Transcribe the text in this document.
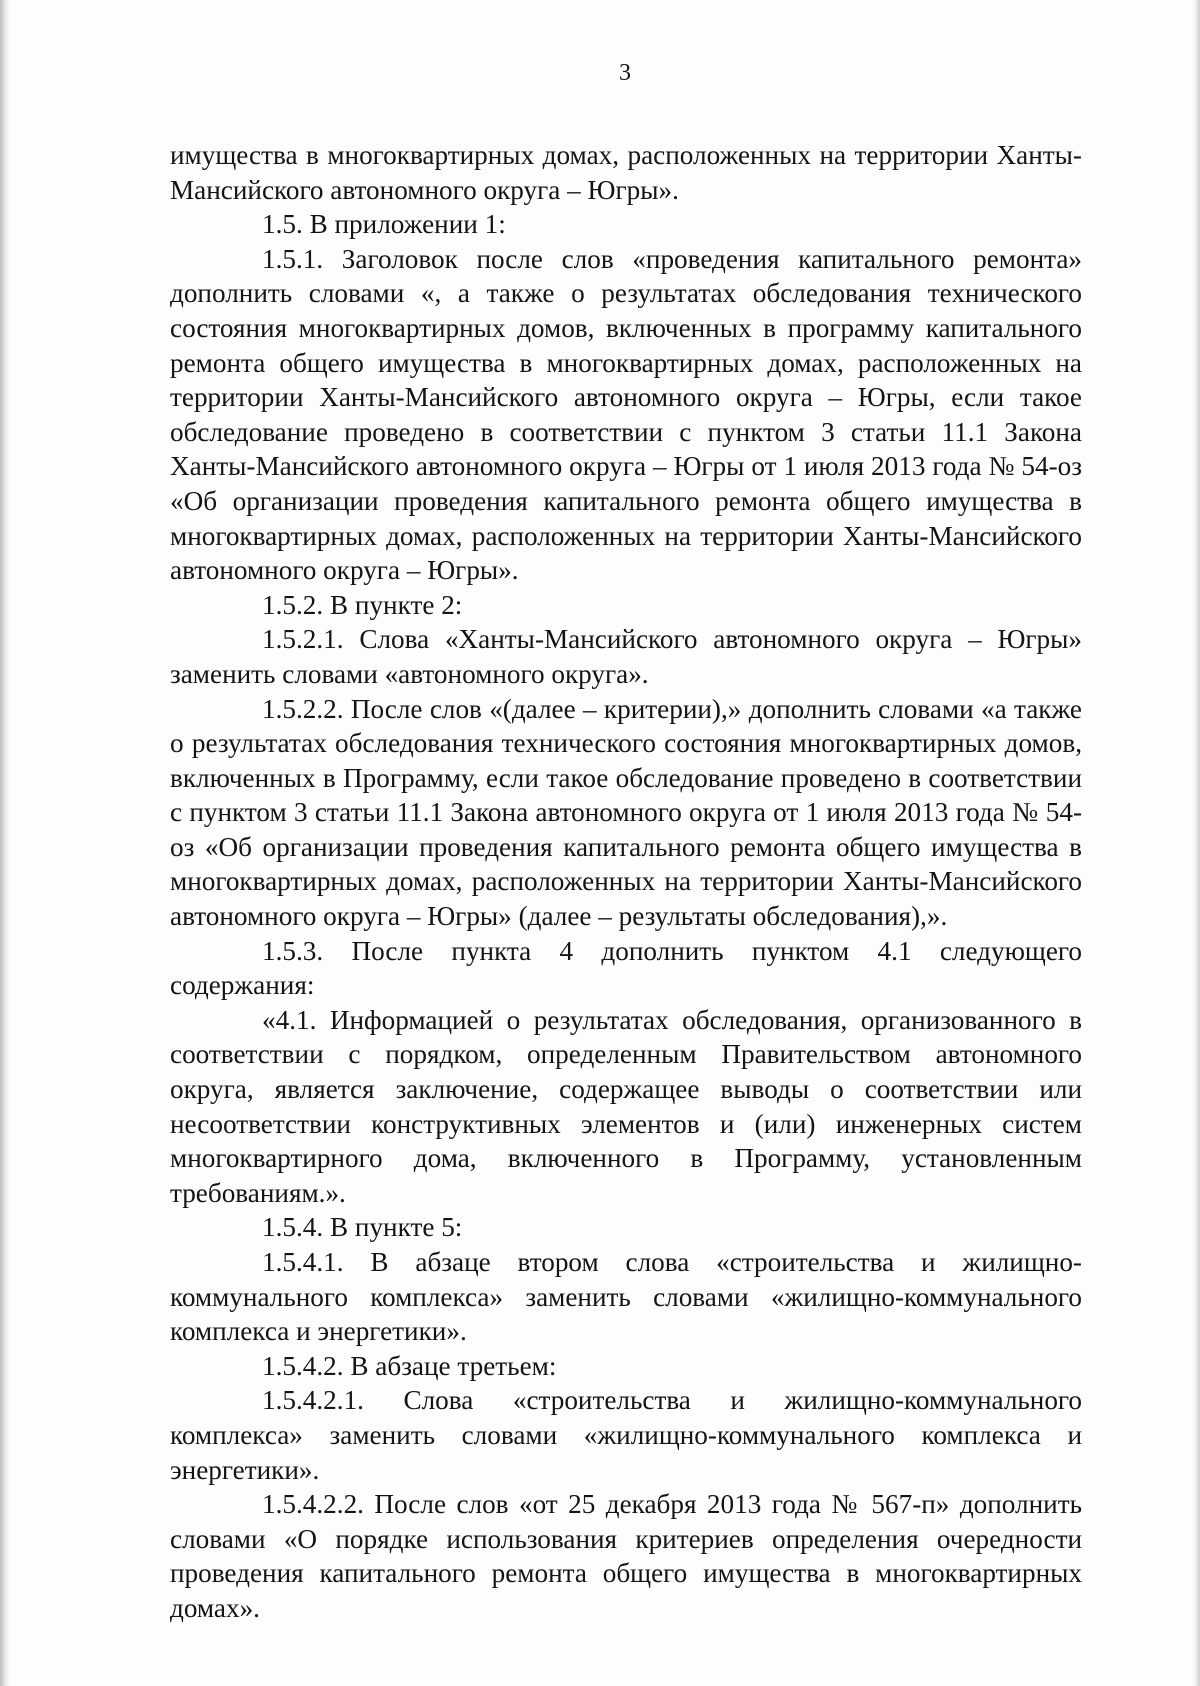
3

имущества в многоквартирных домах, расположенных на территории Ханты-Мансийского автономного округа – Югры».

1.5. В приложении 1:

1.5.1. Заголовок после слов «проведения капитального ремонта» дополнить словами «, а также о результатах обследования технического состояния многоквартирных домов, включенных в программу капитального ремонта общего имущества в многоквартирных домах, расположенных на территории Ханты-Мансийского автономного округа – Югры, если такое обследование проведено в соответствии с пунктом 3 статьи 11.1 Закона Ханты-Мансийского автономного округа – Югры от 1 июля 2013 года № 54-оз «Об организации проведения капитального ремонта общего имущества в многоквартирных домах, расположенных на территории Ханты-Мансийского автономного округа – Югры».

1.5.2. В пункте 2:

1.5.2.1. Слова «Ханты-Мансийского автономного округа – Югры» заменить словами «автономного округа».

1.5.2.2. После слов «(далее – критерии),» дополнить словами «а также о результатах обследования технического состояния многоквартирных домов, включенных в Программу, если такое обследование проведено в соответствии с пунктом 3 статьи 11.1 Закона автономного округа от 1 июля 2013 года № 54-оз «Об организации проведения капитального ремонта общего имущества в многоквартирных домах, расположенных на территории Ханты-Мансийского автономного округа – Югры» (далее – результаты обследования),».

1.5.3. После пункта 4 дополнить пунктом 4.1 следующего содержания:

«4.1. Информацией о результатах обследования, организованного в соответствии с порядком, определенным Правительством автономного округа, является заключение, содержащее выводы о соответствии или несоответствии конструктивных элементов и (или) инженерных систем многоквартирного дома, включенного в Программу, установленным требованиям.».

1.5.4. В пункте 5:

1.5.4.1. В абзаце втором слова «строительства и жилищно-коммунального комплекса» заменить словами «жилищно-коммунального комплекса и энергетики».

1.5.4.2. В абзаце третьем:

1.5.4.2.1. Слова «строительства и жилищно-коммунального комплекса» заменить словами «жилищно-коммунального комплекса и энергетики».

1.5.4.2.2. После слов «от 25 декабря 2013 года № 567-п» дополнить словами «О порядке использования критериев определения очередности проведения капитального ремонта общего имущества в многоквартирных домах».
